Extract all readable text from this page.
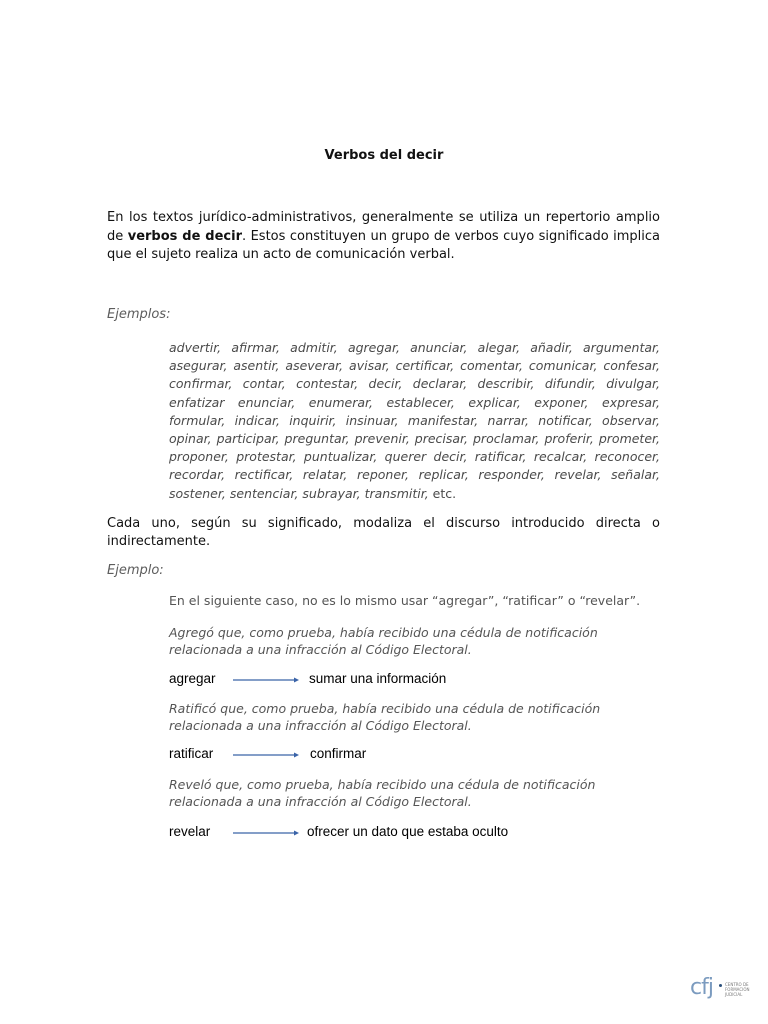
Verbos del decir
En los textos jurídico-administrativos, generalmente se utiliza un repertorio amplio de verbos de decir. Estos constituyen un grupo de verbos cuyo significado implica que el sujeto realiza un acto de comunicación verbal.
Ejemplos:
advertir, afirmar, admitir, agregar, anunciar, alegar, añadir, argumentar, asegurar, asentir, aseverar, avisar, certificar, comentar, comunicar, confesar, confirmar, contar, contestar, decir, declarar, describir, difundir, divulgar, enfatizar enunciar, enumerar, establecer, explicar, exponer, expresar, formular, indicar, inquirir, insinuar, manifestar, narrar, notificar, observar, opinar, participar, preguntar, prevenir, precisar, proclamar, proferir, prometer, proponer, protestar, puntualizar, querer decir, ratificar, recalcar, reconocer, recordar, rectificar, relatar, reponer, replicar, responder, revelar, señalar, sostener, sentenciar, subrayar, transmitir, etc.
Cada uno, según su significado, modaliza el discurso introducido directa o indirectamente.
Ejemplo:
En el siguiente caso, no es lo mismo usar “agregar”, “ratificar” o “revelar”.
Agregó que, como prueba, había recibido una cédula de notificación relacionada a una infracción al Código Electoral.
agregar	sumar una información
Ratificó que, como prueba, había recibido una cédula de notificación relacionada a una infracción al Código Electoral.
ratificar	confirmar
Reveló que, como prueba, había recibido una cédula de notificación relacionada a una infracción al Código Electoral.
revelar	ofrecer un dato que estaba oculto
cfj	CENTRO DE FORMACIÓN JUDICIAL
